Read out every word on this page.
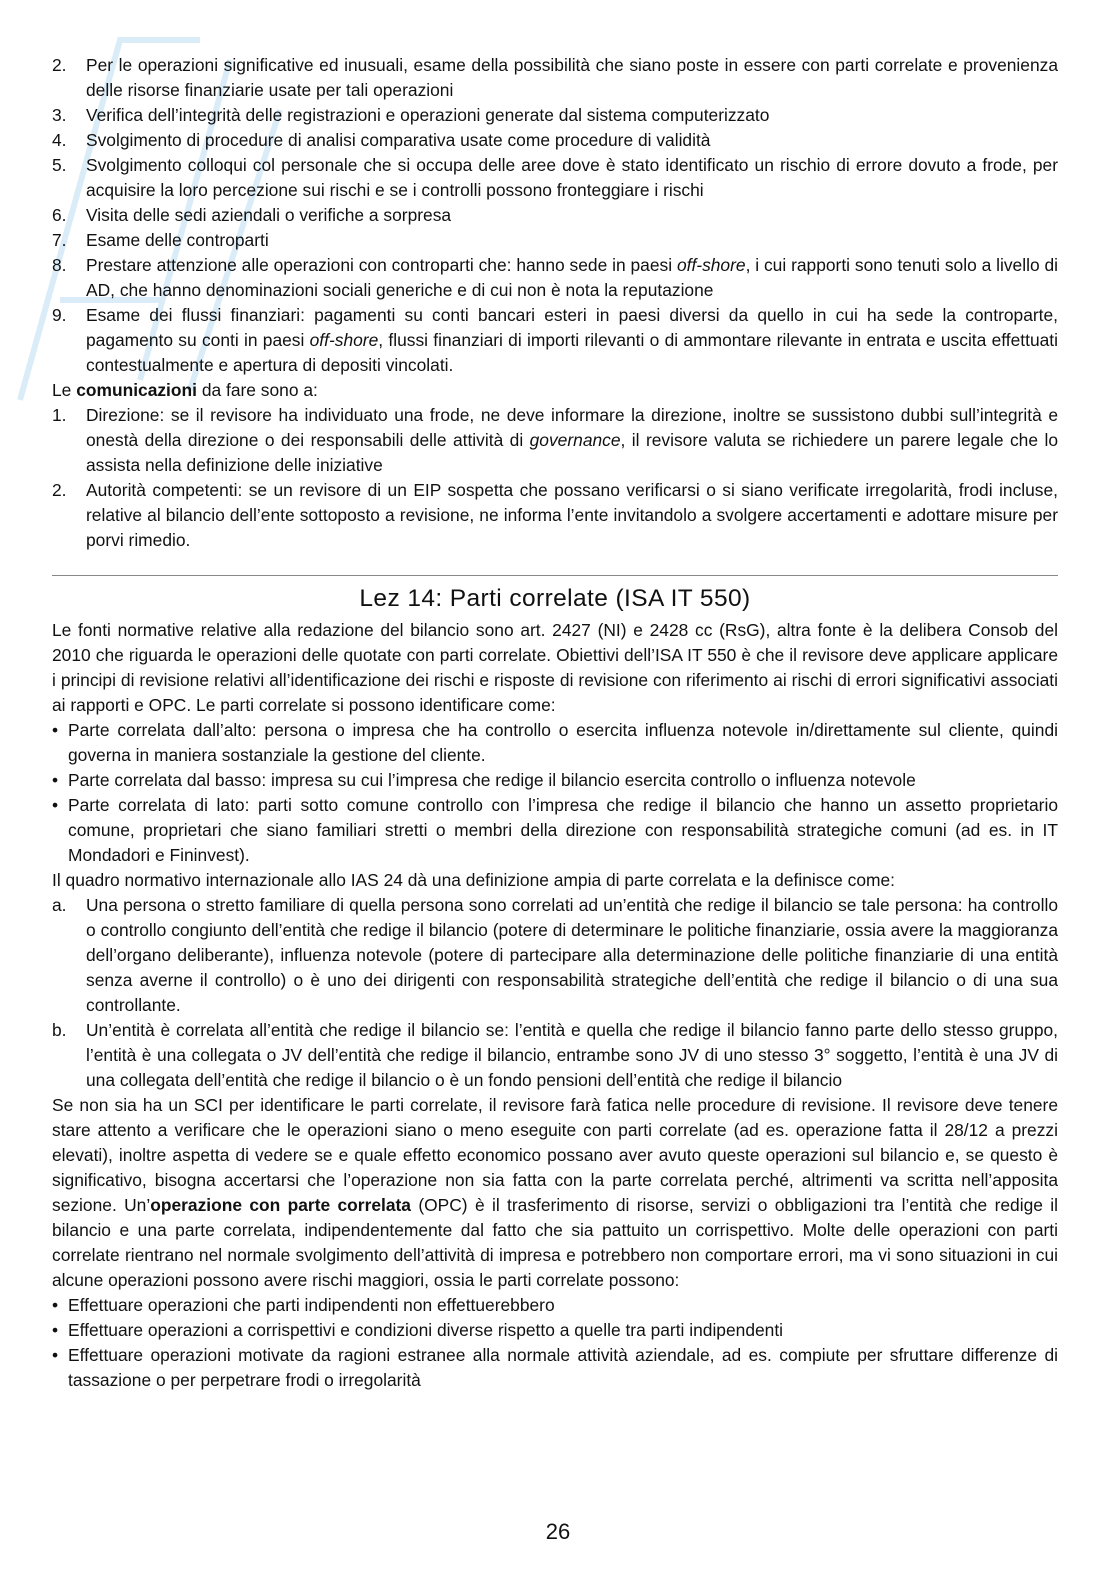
2. Per le operazioni significative ed inusuali, esame della possibilità che siano poste in essere con parti correlate e provenienza delle risorse finanziarie usate per tali operazioni
3. Verifica dell’integrità delle registrazioni e operazioni generate dal sistema computerizzato
4. Svolgimento di procedure di analisi comparativa usate come procedure di validità
5. Svolgimento colloqui col personale che si occupa delle aree dove è stato identificato un rischio di errore dovuto a frode, per acquisire la loro percezione sui rischi e se i controlli possono fronteggiare i rischi
6. Visita delle sedi aziendali o verifiche a sorpresa
7. Esame delle controparti
8. Prestare attenzione alle operazioni con controparti che: hanno sede in paesi off-shore, i cui rapporti sono tenuti solo a livello di AD, che hanno denominazioni sociali generiche e di cui non è nota la reputazione
9. Esame dei flussi finanziari: pagamenti su conti bancari esteri in paesi diversi da quello in cui ha sede la controparte, pagamento su conti in paesi off-shore, flussi finanziari di importi rilevanti o di ammontare rilevante in entrata e uscita effettuati contestualmente e apertura di depositi vincolati.

Le comunicazioni da fare sono a:

1. Direzione: se il revisore ha individuato una frode, ne deve informare la direzione, inoltre se sussistono dubbi sull’integrità e onestà della direzione o dei responsabili delle attività di governance, il revisore valuta se richiedere un parere legale che lo assista nella definizione delle iniziative
2. Autorità competenti: se un revisore di un EIP sospetta che possano verificarsi o si siano verificate irregolarità, frodi incluse, relative al bilancio dell’ente sottoposto a revisione, ne informa l’ente invitandolo a svolgere accertamenti e adottare misure per porvi rimedio.
Lez 14: Parti correlate (ISA IT 550)

Le fonti normative relative alla redazione del bilancio sono art. 2427 (NI) e 2428 cc (RsG), altra fonte è la delibera Consob del 2010 che riguarda le operazioni delle quotate con parti correlate. Obiettivi dell’ISA IT 550 è che il revisore deve applicare applicare i principi di revisione relativi all’identificazione dei rischi e risposte di revisione con riferimento ai rischi di errori significativi associati ai rapporti e OPC. Le parti correlate si possono identificare come:

• Parte correlata dall’alto: persona o impresa che ha controllo o esercita influenza notevole in/direttamente sul cliente, quindi governa in maniera sostanziale la gestione del cliente.
• Parte correlata dal basso: impresa su cui l’impresa che redige il bilancio esercita controllo o influenza notevole
• Parte correlata di lato: parti sotto comune controllo con l’impresa che redige il bilancio che hanno un assetto proprietario comune, proprietari che siano familiari stretti o membri della direzione con responsabilità strategiche comuni (ad es. in IT Mondadori e Fininvest).

Il quadro normativo internazionale allo IAS 24 dà una definizione ampia di parte correlata e la definisce come:

a. Una persona o stretto familiare di quella persona sono correlati ad un’entità che redige il bilancio se tale persona: ha controllo o controllo congiunto dell’entità che redige il bilancio (potere di determinare le politiche finanziarie, ossia avere la maggioranza dell’organo deliberante), influenza notevole (potere di partecipare alla determinazione delle politiche finanziarie di una entità senza averne il controllo) o è uno dei dirigenti con responsabilità strategiche dell’entità che redige il bilancio o di una sua controllante.
b. Un’entità è correlata all’entità che redige il bilancio se: l’entità e quella che redige il bilancio fanno parte dello stesso gruppo, l’entità è una collegata o JV dell’entità che redige il bilancio, entrambe sono JV di uno stesso 3° soggetto, l’entità è una JV di una collegata dell’entità che redige il bilancio o è un fondo pensioni dell’entità che redige il bilancio

Se non sia ha un SCI per identificare le parti correlate, il revisore farà fatica nelle procedure di revisione. Il revisore deve tenere stare attento a verificare che le operazioni siano o meno eseguite con parti correlate (ad es. operazione fatta il 28/12 a prezzi elevati), inoltre aspetta di vedere se e quale effetto economico possano aver avuto queste operazioni sul bilancio e, se questo è significativo, bisogna accertarsi che l’operazione non sia fatta con la parte correlata perché, altrimenti va scritta nell’apposita sezione. Un’operazione con parte correlata (OPC) è il trasferimento di risorse, servizi o obbligazioni tra l’entità che redige il bilancio e una parte correlata, indipendentemente dal fatto che sia pattuito un corrispettivo. Molte delle operazioni con parti correlate rientrano nel normale svolgimento dell’attività di impresa e potrebbero non comportare errori, ma vi sono situazioni in cui alcune operazioni possono avere rischi maggiori, ossia le parti correlate possono:

• Effettuare operazioni che parti indipendenti non effettuerebbero
• Effettuare operazioni a corrispettivi e condizioni diverse rispetto a quelle tra parti indipendenti
• Effettuare operazioni motivate da ragioni estranee alla normale attività aziendale, ad es. compiute per sfruttare differenze di tassazione o per perpetrare frodi o irregolarità
26
